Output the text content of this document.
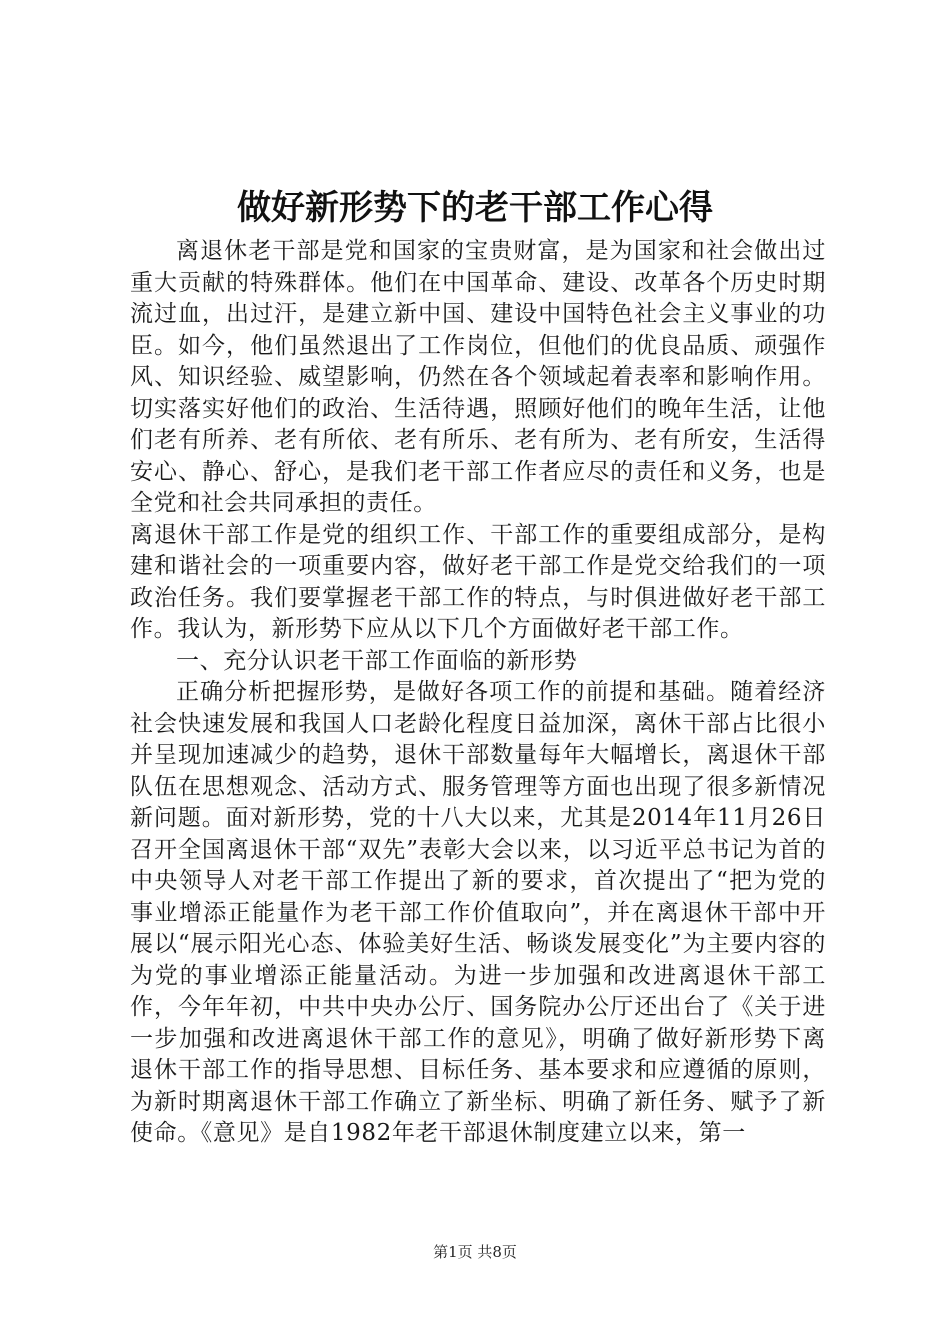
做好新形势下的老干部工作心得

离退休老干部是党和国家的宝贵财富，是为国家和社会做出过重大贡献的特殊群体。他们在中国革命、建设、改革各个历史时期流过血，出过汗，是建立新中国、建设中国特色社会主义事业的功臣。如今，他们虽然退出了工作岗位，但他们的优良品质、顽强作风、知识经验、威望影响，仍然在各个领域起着表率和影响作用。切实落实好他们的政治、生活待遇，照顾好他们的晚年生活，让他们老有所养、老有所依、老有所乐、老有所为、老有所安，生活得安心、静心、舒心，是我们老干部工作者应尽的责任和义务，也是全党和社会共同承担的责任。

离退休干部工作是党的组织工作、干部工作的重要组成部分，是构建和谐社会的一项重要内容，做好老干部工作是党交给我们的一项政治任务。我们要掌握老干部工作的特点，与时俱进做好老干部工作。我认为，新形势下应从以下几个方面做好老干部工作。

一、充分认识老干部工作面临的新形势

正确分析把握形势，是做好各项工作的前提和基础。随着经济社会快速发展和我国人口老龄化程度日益加深，离休干部占比很小并呈现加速减少的趋势，退休干部数量每年大幅增长，离退休干部队伍在思想观念、活动方式、服务管理等方面也出现了很多新情况新问题。面对新形势，党的十八大以来，尤其是2014年11月26日召开全国离退休干部“双先”表彰大会以来，以习近平总书记为首的中央领导人对老干部工作提出了新的要求，首次提出了“把为党的事业增添正能量作为老干部工作价值取向”，并在离退休干部中开展以“展示阳光心态、体验美好生活、畅谈发展变化”为主要内容的为党的事业增添正能量活动。为进一步加强和改进离退休干部工作，今年年初，中共中央办公厅、国务院办公厅还出台了《关于进一步加强和改进离退休干部工作的意见》，明确了做好新形势下离退休干部工作的指导思想、目标任务、基本要求和应遵循的原则，为新时期离退休干部工作确立了新坐标、明确了新任务、赋予了新使命。《意见》是自1982年老干部退休制度建立以来，第一

第1页 共8页
